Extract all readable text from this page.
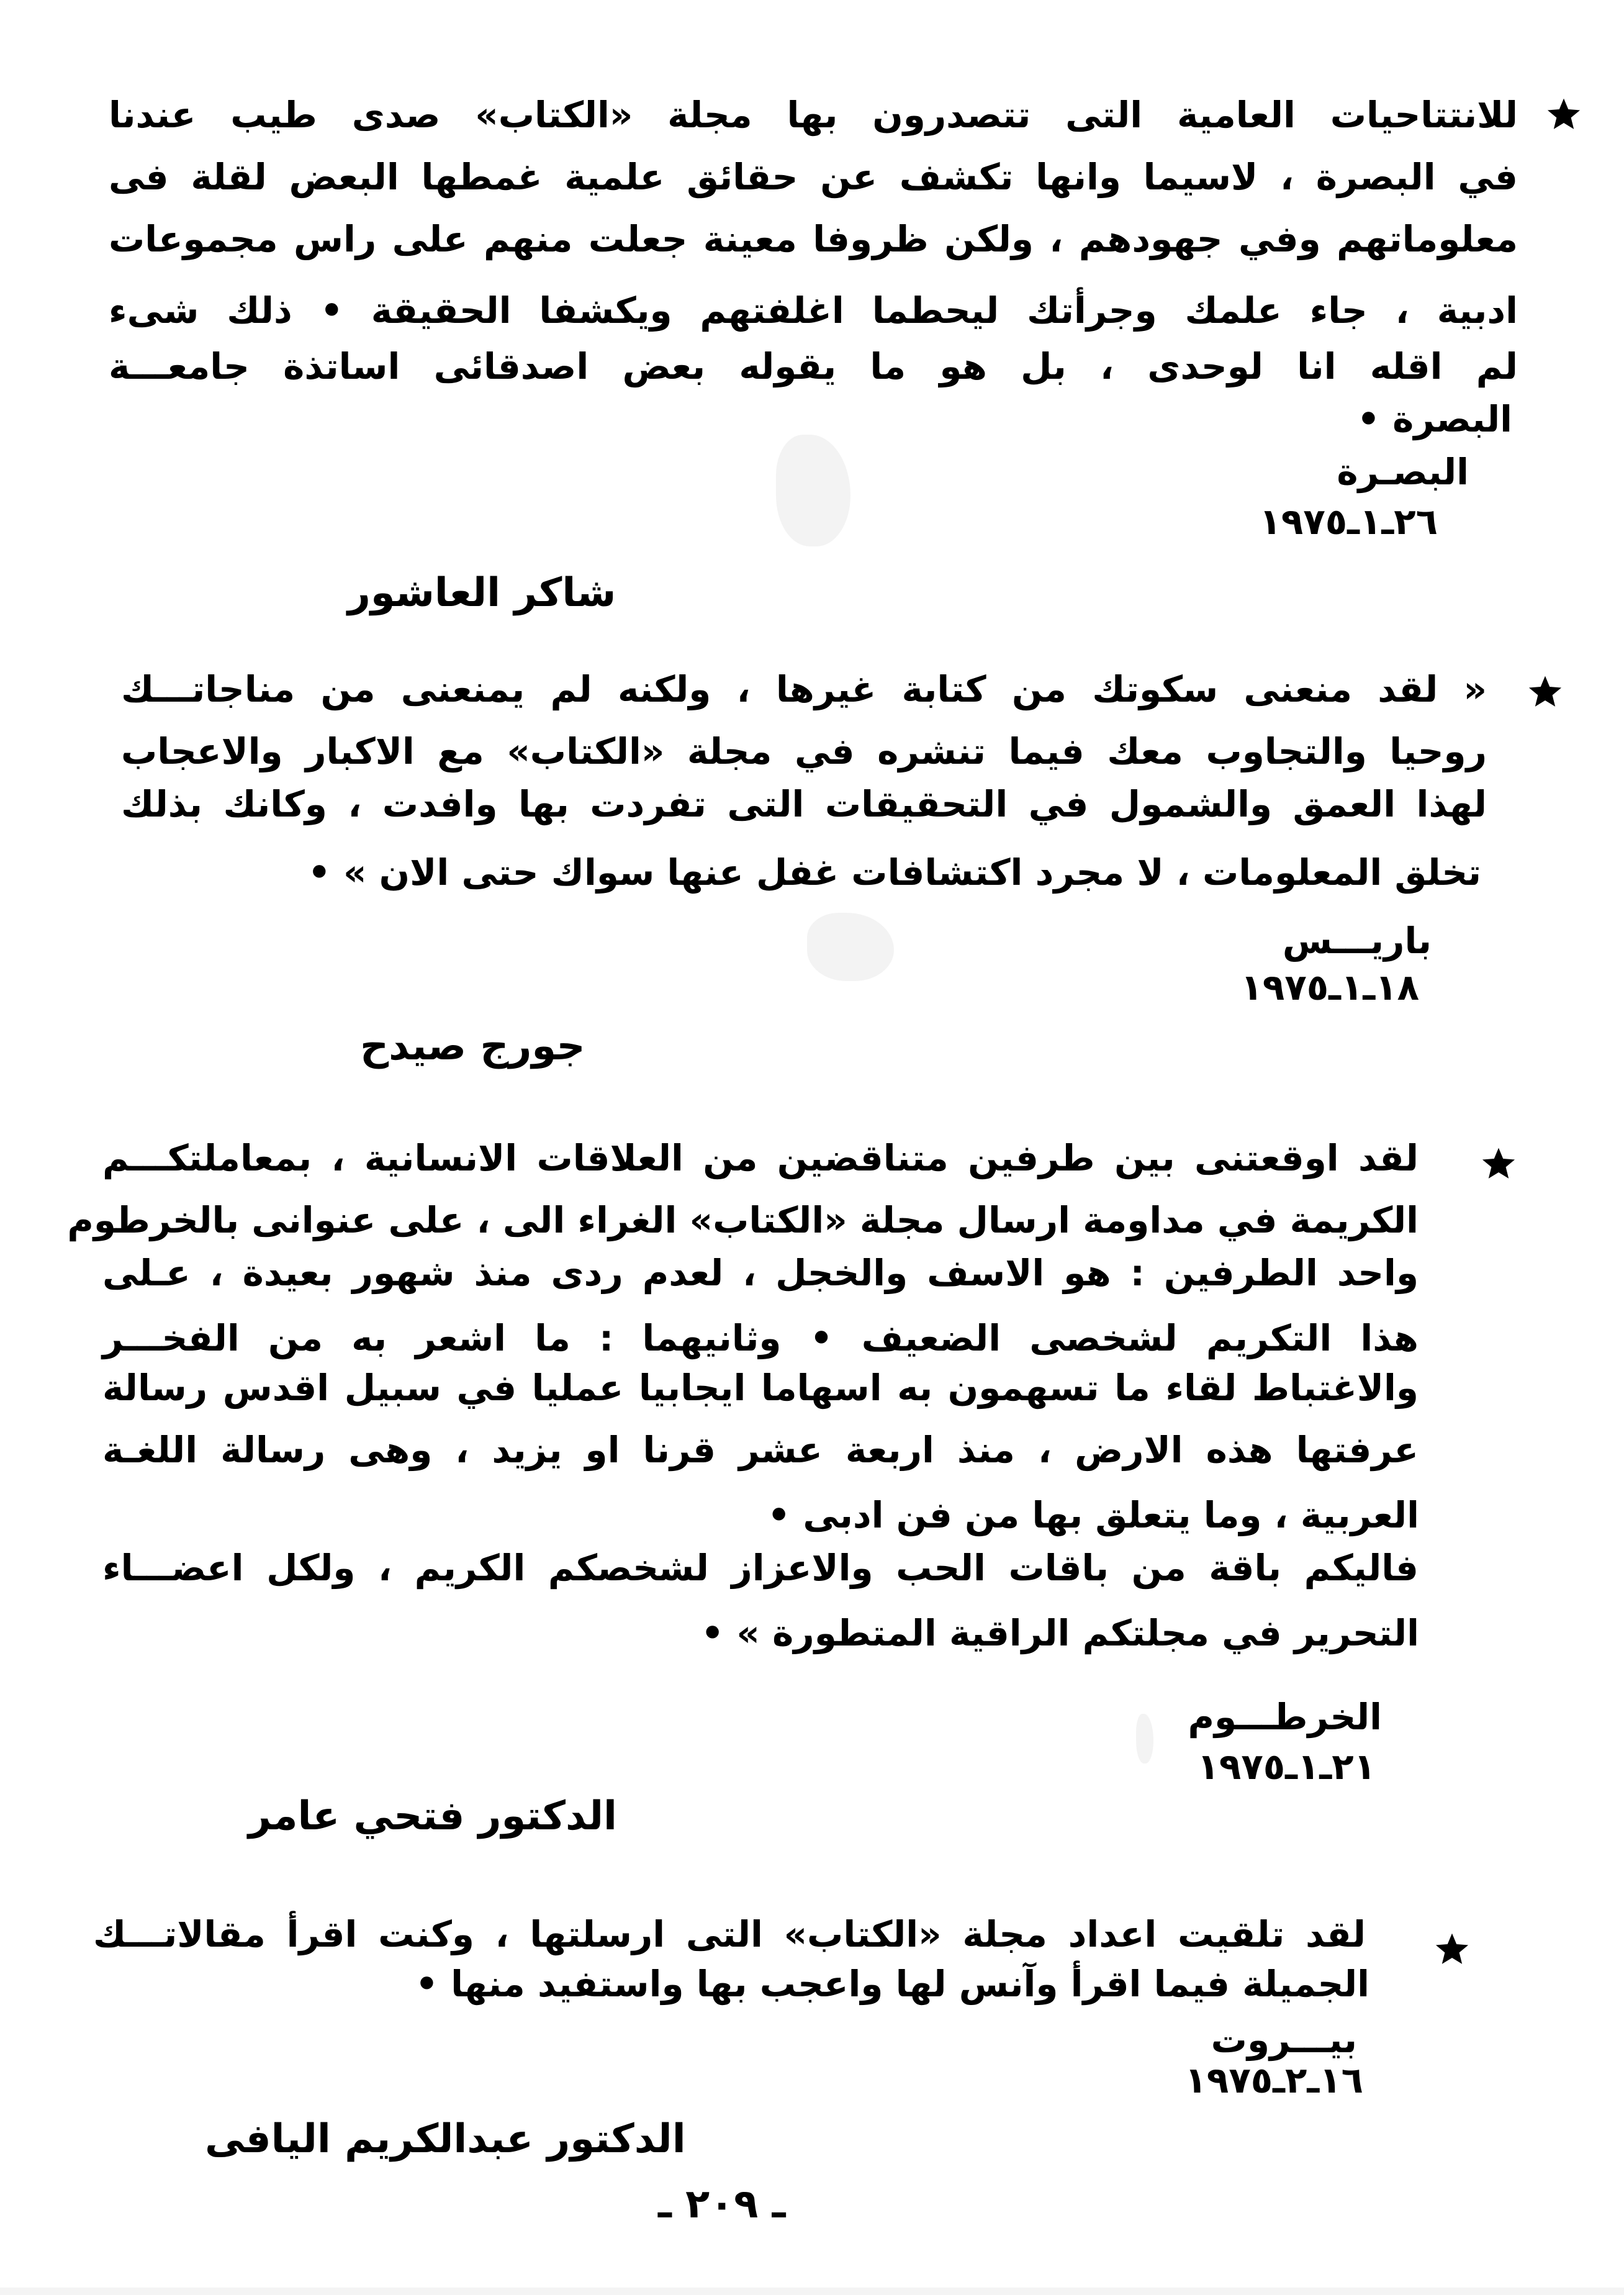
للانتتاحيات العامية التى تتصدرون بها مجلة «الكتاب» صدى طيب عندنا
في البصرة ، لاسيما وانها تكشف عن حقائق علمية غمطها البعض لقلة فى
معلوماتهم وفي جهودهم ، ولكن ظروفا معينة جعلت منهم على راس مجموعات
ادبية ، جاء علمك وجرأتك ليحطما اغلفتهم ويكشفا الحقيقة • ذلك شىء
لم اقله انا لوحدى ، بل هو ما يقوله بعض اصدقائى اساتذة جامعـــة
البصرة •
البصـرة
٢٦ـ١ـ١٩٧٥
شاكر العاشور
« لقد منعنى سكوتك من كتابة غيرها ، ولكنه لم يمنعنى من مناجاتـــك
روحيا والتجاوب معك فيما تنشره في مجلة «الكتاب» مع الاكبار والاعجاب
لهذا العمق والشمول في التحقيقات التى تفردت بها وافدت ، وكانك بذلك
تخلق المعلومات ، لا مجرد اكتشافات غفل عنها سواك حتى الان » •
باريـــس
١٨ـ١ـ١٩٧٥
جورج صيدح
لقد اوقعتنى بين طرفين متناقضين من العلاقات الانسانية ، بمعاملتكـــم
الكريمة في مداومة ارسال مجلة «الكتاب» الغراء الى ، على عنوانى بالخرطوم
واحد الطرفين : هو الاسف والخجل ، لعدم ردى منذ شهور بعيدة ، عـلى
هذا التكريم لشخصى الضعيف • وثانيهما : ما اشعر به من الفخـــر
والاغتباط لقاء ما تسهمون به اسهاما ايجابيا عمليا في سبيل اقدس رسالة
عرفتها هذه الارض ، منذ اربعة عشر قرنا او يزيد ، وهى رسالة اللغـة
العربية ، وما يتعلق بها من فن ادبى •
فاليكم باقة من باقات الحب والاعزاز لشخصكم الكريم ، ولكل اعضـــاء
التحرير في مجلتكم الراقية المتطورة » •
الخرطـــوم
٢١ـ١ـ١٩٧٥
الدكتور فتحي عامر
لقد تلقيت اعداد مجلة «الكتاب» التى ارسلتها ، وكنت اقرأ مقالاتـــك
الجميلة فيما اقرأ وآنس لها واعجب بها واستفيد منها •
بيـــروت
١٦ـ٢ـ١٩٧٥
الدكتور عبدالكريم اليافى
ـ ٢٠٩ ـ
